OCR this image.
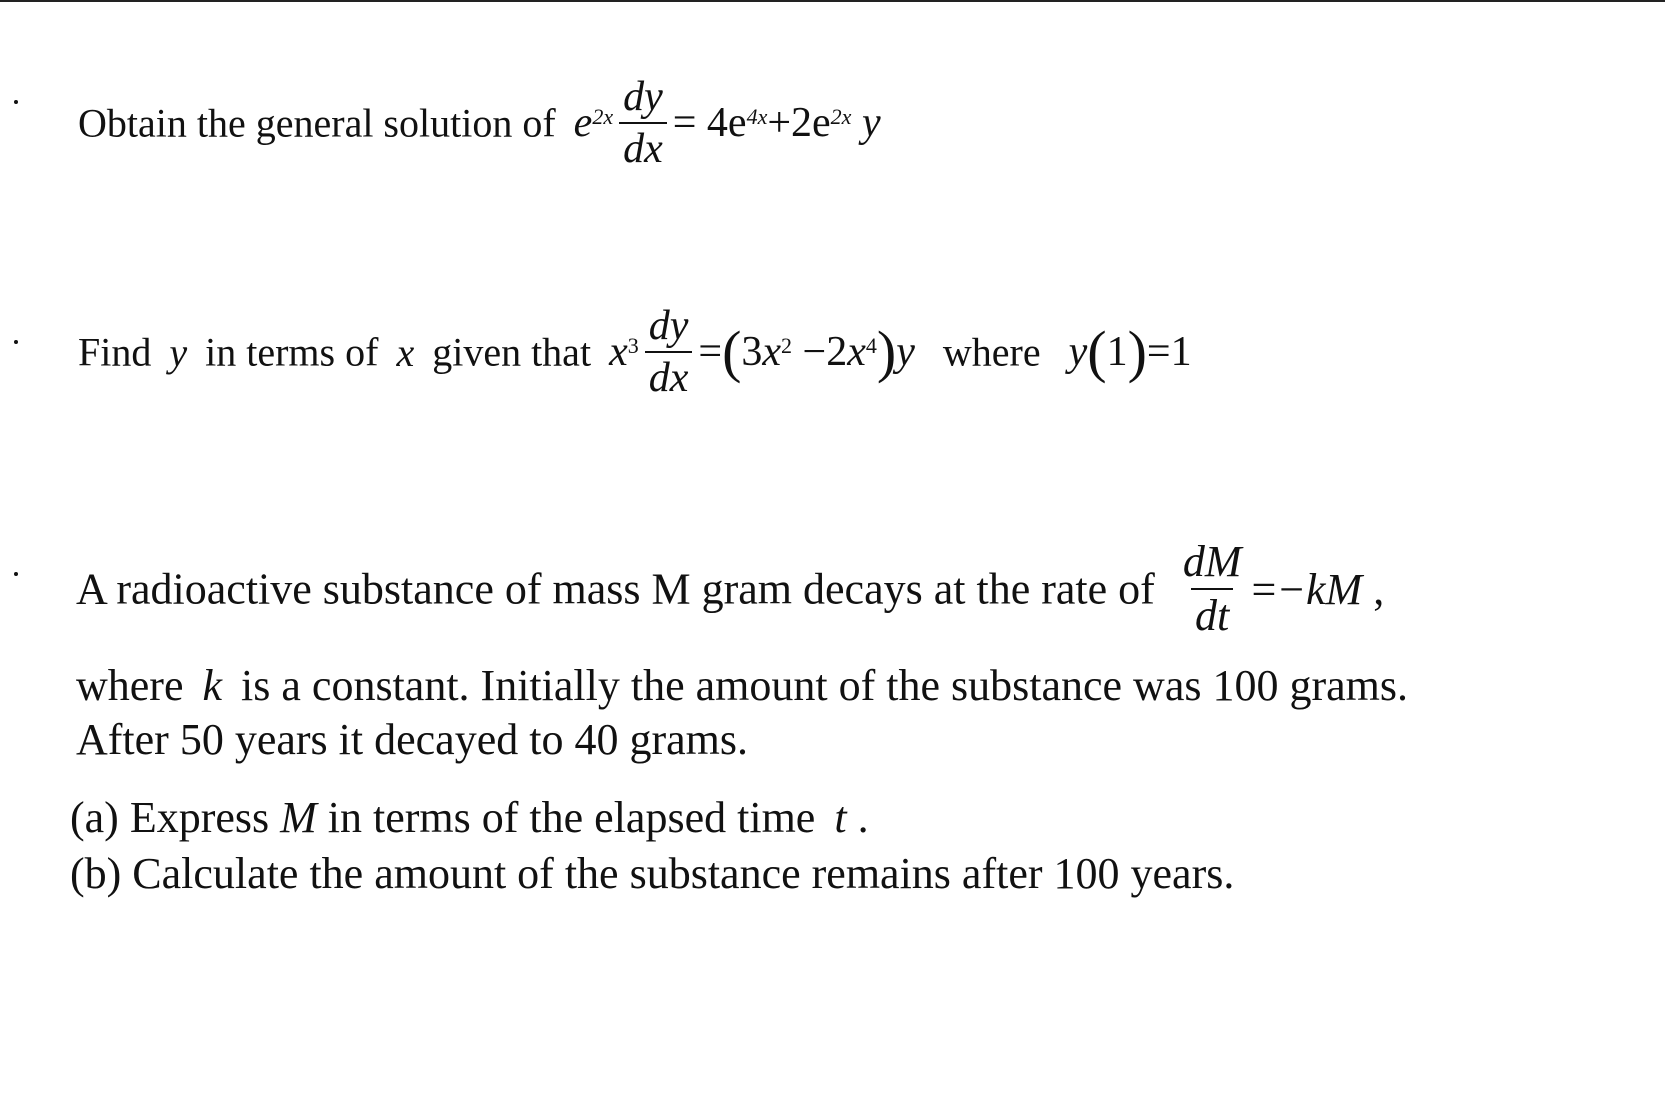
Obtain the general solution of $e^{2x} \frac{dy}{dx}$ =
$4e^{4x} +2e^{2x}$
y
Find y in terms of x given that $x^3 \frac{dy}{dx}$ = ( 3 $x^2$
−2 $x^4$ ) y where y ( 1 ) =1
A radioactive substance of mass M gram decays at the rate of $\frac{dM}{dt} = -kM$
,
where k is a constant. Initially the amount of the substance was 100 grams.
After 50 years it decayed to 40 grams.
(a) Express M in terms of the elapsed time t .
(b) Calculate the amount of the substance remains after 100 years.
